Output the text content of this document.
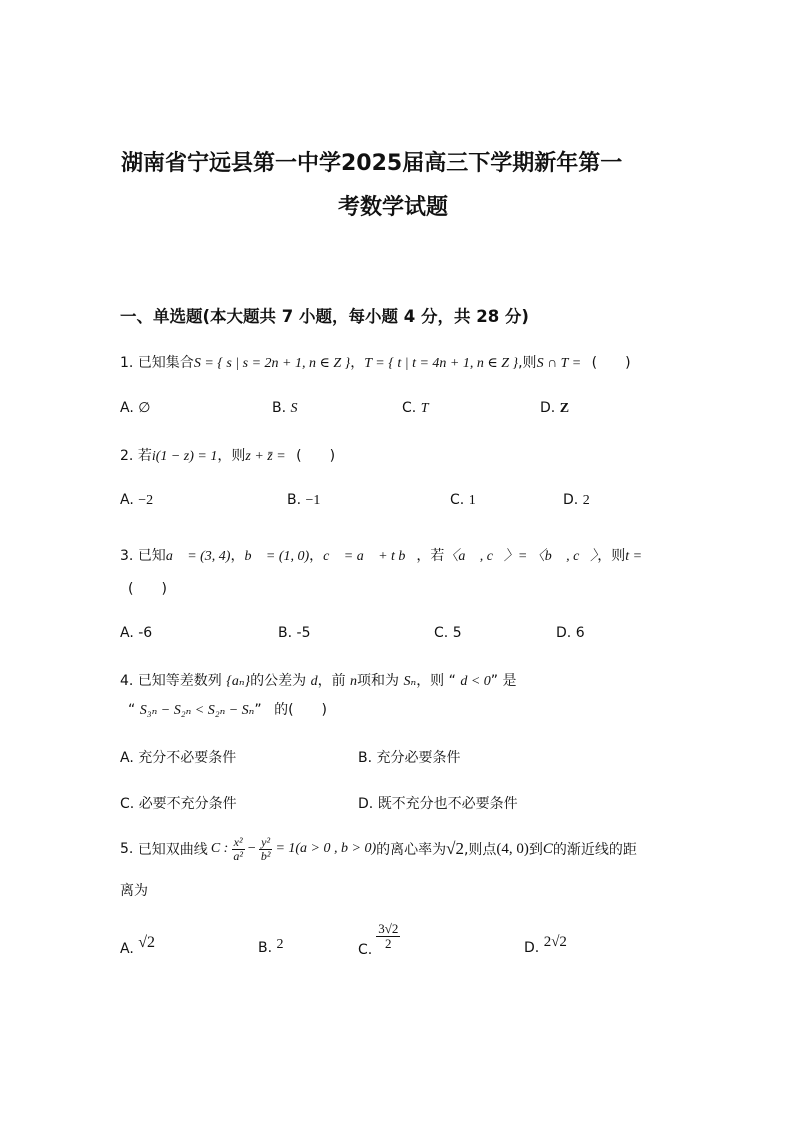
湖南省宁远县第一中学2025届高三下学期新年第一
考数学试题
一、单选题(本大题共 7 小题，每小题 4 分，共 28 分)
1. 已知集合S = { s | s = 2n + 1, n ∈ Z }，T = { t | t = 4n + 1, n ∈ Z },则S ∩ T = (　　)
A. ∅	B. S	C. T	D. Z
2. 若i(1 − z) = 1，则z + z̄ = (　　)
A. −2	B. −1	C. 1	D. 2
3. 已知a⃗ = (3, 4)，b⃗ = (1, 0)，c⃗ = a⃗ + t b⃗，若〈a⃗ , c⃗〉= 〈b⃗ , c⃗〉，则t =
(　　)
A. -6	B. -5	C. 5	D. 6
4. 已知等差数列 {aₙ}的公差为 d，前 n项和为 Sₙ，则 “ d < 0” 是
“ S₃ₙ − S₂ₙ < S₂ₙ − Sₙ” 的(　　)
A. 充分不必要条件	B. 充分必要条件
C. 必要不充分条件	D. 既不充分也不必要条件
5.
已知双曲线 C : $\frac{\text{x²}}{\text{a²}} - \frac{\text{y²}}{\text{b²}} = 1(a > 0$ , b > 0) 的离心率为 √2 ,则点 (4, 0) 到 C 的渐近线的距
离为
A. √2	B. 2	C. $\frac{3√2}{2}$	D. 2√2
